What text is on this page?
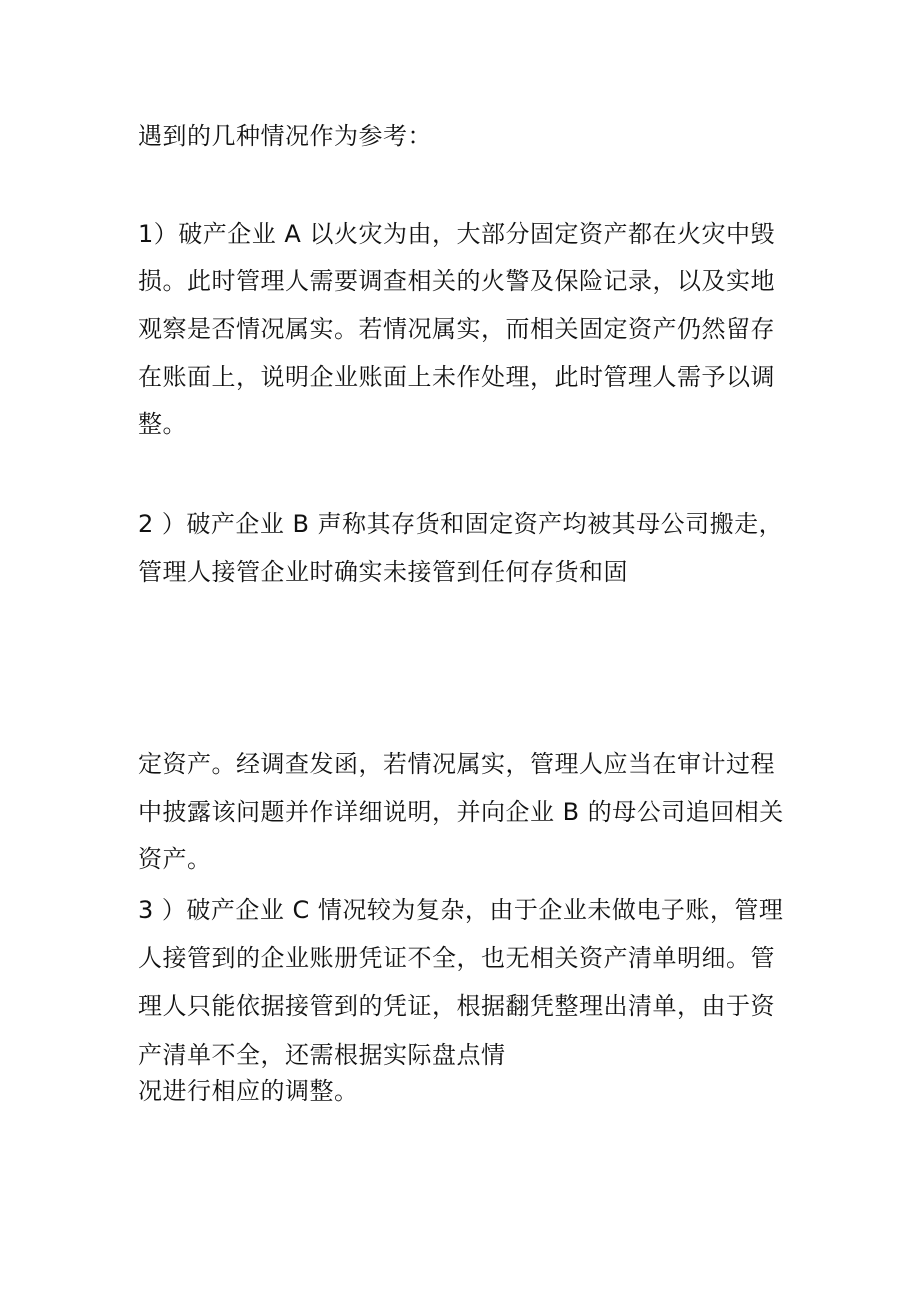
遇到的几种情况作为参考：
1）破产企业 A 以火灾为由，大部分固定资产都在火灾中毁
损。此时管理人需要调查相关的火警及保险记录，以及实地
观察是否情况属实。若情况属实，而相关固定资产仍然留存
在账面上，说明企业账面上未作处理，此时管理人需予以调
整。
2 ）破产企业 B 声称其存货和固定资产均被其母公司搬走，
管理人接管企业时确实未接管到任何存货和固
定资产。经调查发函，若情况属实，管理人应当在审计过程
中披露该问题并作详细说明，并向企业 B 的母公司追回相关
资产。
3 ）破产企业 C 情况较为复杂，由于企业未做电子账，管理
人接管到的企业账册凭证不全，也无相关资产清单明细。管
理人只能依据接管到的凭证，根据翻凭整理出清单，由于资
产清单不全，还需根据实际盘点情
况进行相应的调整。
